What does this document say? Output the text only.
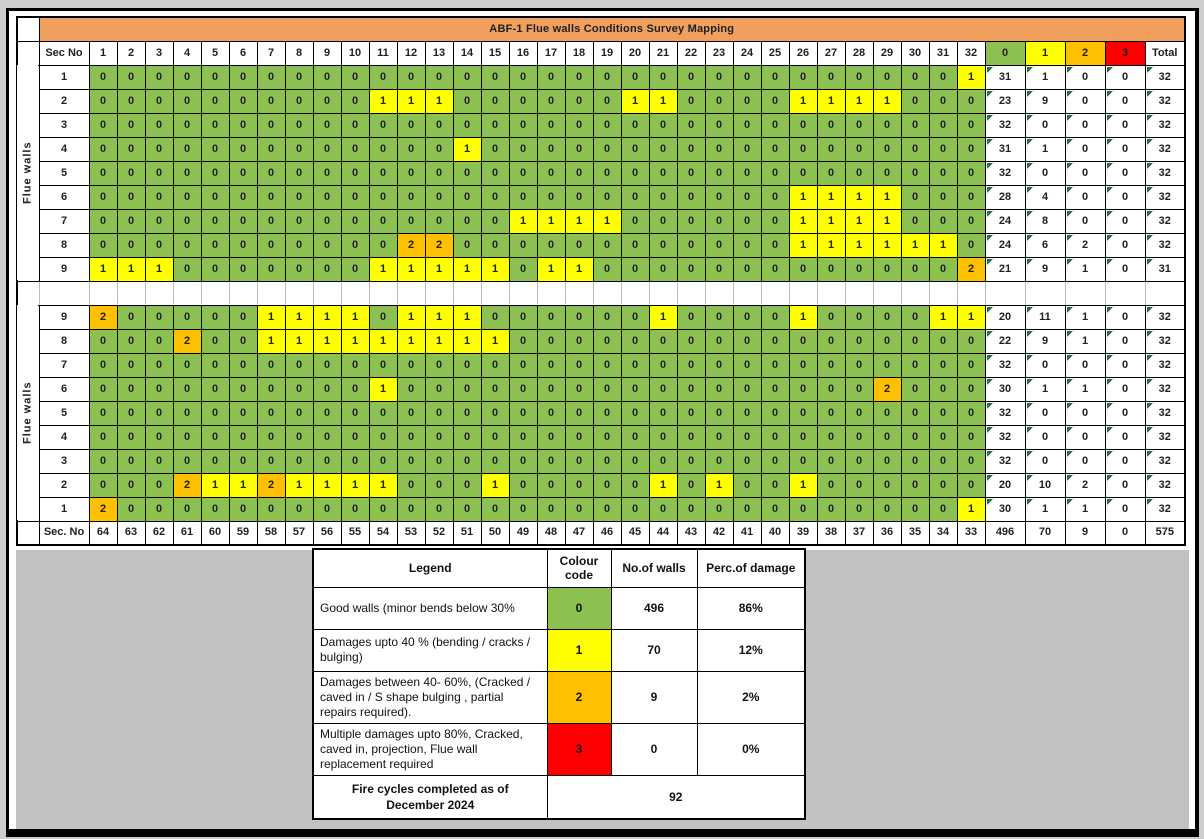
	ABF-1 Flue walls Conditions Survey Mapping																																					
	Sec No	1	2	3	4	5	6	7	8	9	10	11	12	13	14	15	16	17	18	19	20	21	22	23	24	25	26	27	28	29	30	31	32	0	1	2	3	Total
Flue walls	1	0	0	0	0	0	0	0	0	0	0	0	0	0	0	0	0	0	0	0	0	0	0	0	0	0	0	0	0	0	0	0	1	31	1	0	0	32
	2	0	0	0	0	0	0	0	0	0	0	1	1	1	0	0	0	0	0	0	1	1	0	0	0	0	1	1	1	1	0	0	0	23	9	0	0	32
	3	0	0	0	0	0	0	0	0	0	0	0	0	0	0	0	0	0	0	0	0	0	0	0	0	0	0	0	0	0	0	0	0	32	0	0	0	32
	4	0	0	0	0	0	0	0	0	0	0	0	0	0	1	0	0	0	0	0	0	0	0	0	0	0	0	0	0	0	0	0	0	31	1	0	0	32
	5	0	0	0	0	0	0	0	0	0	0	0	0	0	0	0	0	0	0	0	0	0	0	0	0	0	0	0	0	0	0	0	0	32	0	0	0	32
	6	0	0	0	0	0	0	0	0	0	0	0	0	0	0	0	0	0	0	0	0	0	0	0	0	0	1	1	1	1	0	0	0	28	4	0	0	32
	7	0	0	0	0	0	0	0	0	0	0	0	0	0	0	0	1	1	1	1	0	0	0	0	0	0	1	1	1	1	0	0	0	24	8	0	0	32
	8	0	0	0	0	0	0	0	0	0	0	0	2	2	0	0	0	0	0	0	0	0	0	0	0	0	1	1	1	1	1	1	0	24	6	2	0	32
	9	1	1	1	0	0	0	0	0	0	0	1	1	1	1	1	0	1	1	0	0	0	0	0	0	0	0	0	0	0	0	0	2	21	9	1	0	31

Flue walls	9	2	0	0	0	0	0	1	1	1	1	0	1	1	1	0	0	0	0	0	0	1	0	0	0	0	1	0	0	0	0	1	1	20	11	1	0	32
	8	0	0	0	2	0	0	1	1	1	1	1	1	1	1	1	0	0	0	0	0	0	0	0	0	0	0	0	0	0	0	0	0	22	9	1	0	32
	7	0	0	0	0	0	0	0	0	0	0	0	0	0	0	0	0	0	0	0	0	0	0	0	0	0	0	0	0	0	0	0	0	32	0	0	0	32
	6	0	0	0	0	0	0	0	0	0	0	1	0	0	0	0	0	0	0	0	0	0	0	0	0	0	0	0	0	2	0	0	0	30	1	1	0	32
	5	0	0	0	0	0	0	0	0	0	0	0	0	0	0	0	0	0	0	0	0	0	0	0	0	0	0	0	0	0	0	0	0	32	0	0	0	32
	4	0	0	0	0	0	0	0	0	0	0	0	0	0	0	0	0	0	0	0	0	0	0	0	0	0	0	0	0	0	0	0	0	32	0	0	0	32
	3	0	0	0	0	0	0	0	0	0	0	0	0	0	0	0	0	0	0	0	0	0	0	0	0	0	0	0	0	0	0	0	0	32	0	0	0	32
	2	0	0	0	2	1	1	2	1	1	1	1	0	0	0	1	0	0	0	0	0	1	0	1	0	0	1	0	0	0	0	0	0	20	10	2	0	32
	1	2	0	0	0	0	0	0	0	0	0	0	0	0	0	0	0	0	0	0	0	0	0	0	0	0	0	0	0	0	0	0	1	30	1	1	0	32
	Sec. No	64	63	62	61	60	59	58	57	56	55	54	53	52	51	50	49	48	47	46	45	44	43	42	41	40	39	38	37	36	35	34	33	496	70	9	0	575
Legend	Colour code	No.of walls	Perc.of damage
Good walls (minor bends below 30%	0	496	86%
Damages upto 40 % (bending / cracks / bulging)	1	70	12%
Damages between 40- 60%, (Cracked / caved in / S shape bulging , partial repairs required).	2	9	2%
Multiple damages upto 80%, Cracked, caved in, projection, Flue wall replacement required	3	0	0%

Fire cycles completed as of
December 2024	92		
